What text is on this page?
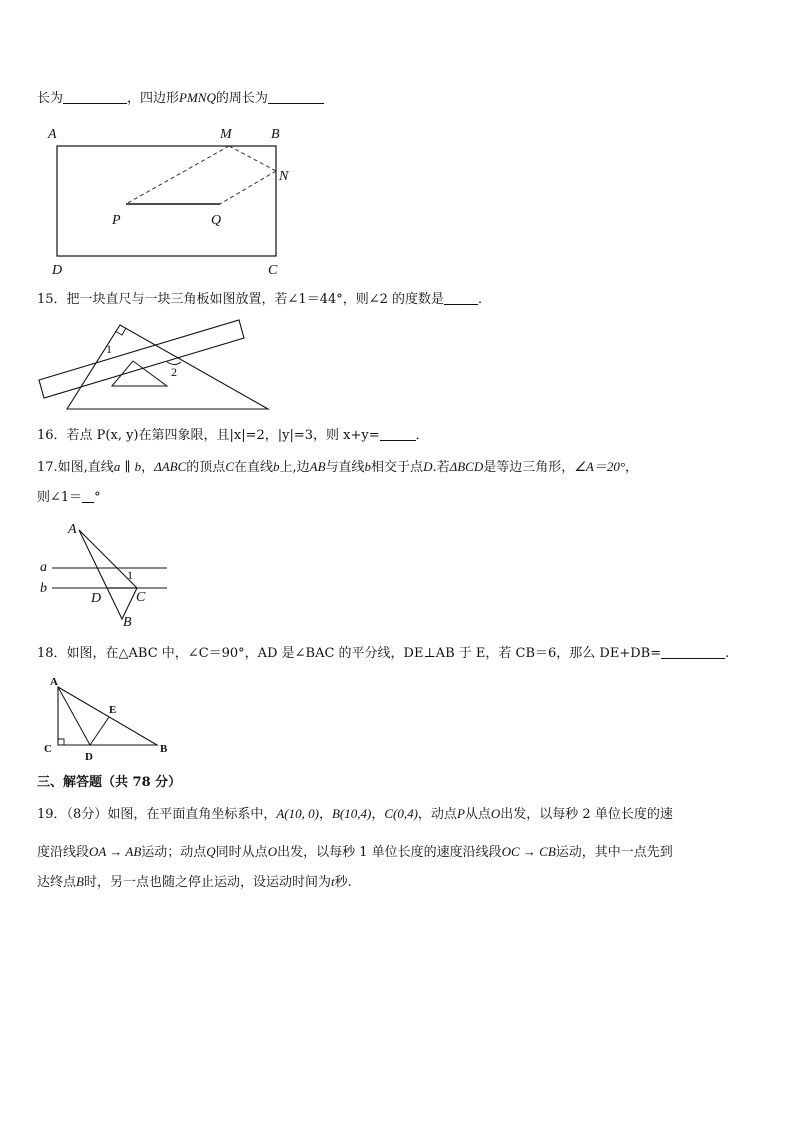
长为	，四边形PMNQ的周长为
A	M	B
N
P	Q
D	C
15．把一块直尺与一块三角板如图放置，若∠1＝44°，则∠2 的度数是	．
1
2
16．若点 P(x, y)在第四象限，且|x|=2，|y|=3，则 x+y=	．
17.如图,直线a ∥ b，ΔABC的顶点C在直线b上,边AB与直线b相交于点D.若ΔBCD是等边三角形，∠A＝20°，
则∠1＝ °
A
a	1
b
D C
B
18．如图，在△ABC 中，∠C＝90°，AD 是∠BAC 的平分线，DE⊥AB 于 E，若 CB＝6，那么 DE+DB=	.
A
E
C
D
B
三、解答题（共 78 分）
19．（8分）如图，在平面直角坐标系中，A(10, 0)，B(10,4)，C(0,4)，动点P从点O出发，以每秒 2 单位长度的速
度沿线段OA → AB运动；动点Q同时从点O出发，以每秒 1 单位长度的速度沿线段OC → CB运动，其中一点先到
达终点B时，另一点也随之停止运动，设运动时间为t秒.
